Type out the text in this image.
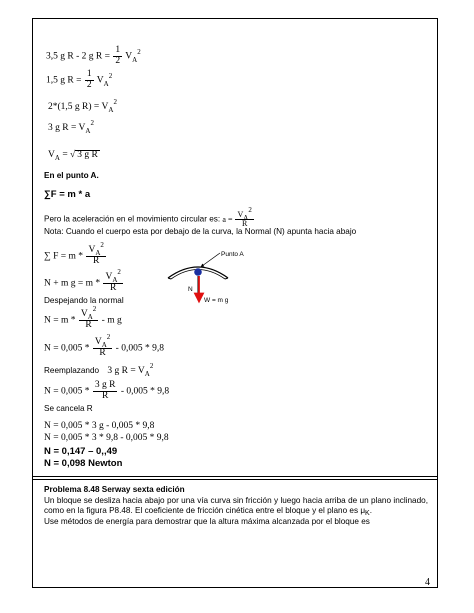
3,5 g R - 2 g $R = \frac{1}{2} V_A^2$
1,5 g $R = \frac{1}{2} V_A^2$
2*(1,5 g $R) = V_A^2$
3 g $R = V_A^2$
$V_A$ = √ 3 g R
En el punto A.
∑F = m * a
Pero la aceleración en el movimiento circular es: $a = \frac{VA2}{R}$
Nota: Cuando el cuerpo esta por debajo de la curva, la Normal (N) apunta hacia abajo
∑ $F = m * \frac{V_A^2}{R}$
N + m $g = m * \frac{V_A^2}{R}$
Despejando la normal
$N = m * \frac{V_A^2}{R} - m$ g
$N = 0,005 * \frac{V_A^2}{R} - 0,005 * 9,8$
Reemplazando 3 g $R = V_A^2$
$N = 0,005 * \frac{\text{3 g R}}{R} - 0,005 * 9,8$
Se cancela R
N = 0,005 * 3 g - 0,005 * 9,8
N = 0,005 * 3 * 9,8 - 0,005 * 9,8
N = 0,147 – 0,,49
N = 0,098 Newton
Punto A
N
W = m g
Problema 8.48 Serway sexta edición
Un bloque se desliza hacia abajo por una vía curva sin fricción y luego hacia arriba de un plano inclinado, como en la figura P8.48. El coeficiente de fricción cinética entre el bloque y el plano es μK.
Use métodos de energía para demostrar que la altura máxima alcanzada por el bloque es
4
